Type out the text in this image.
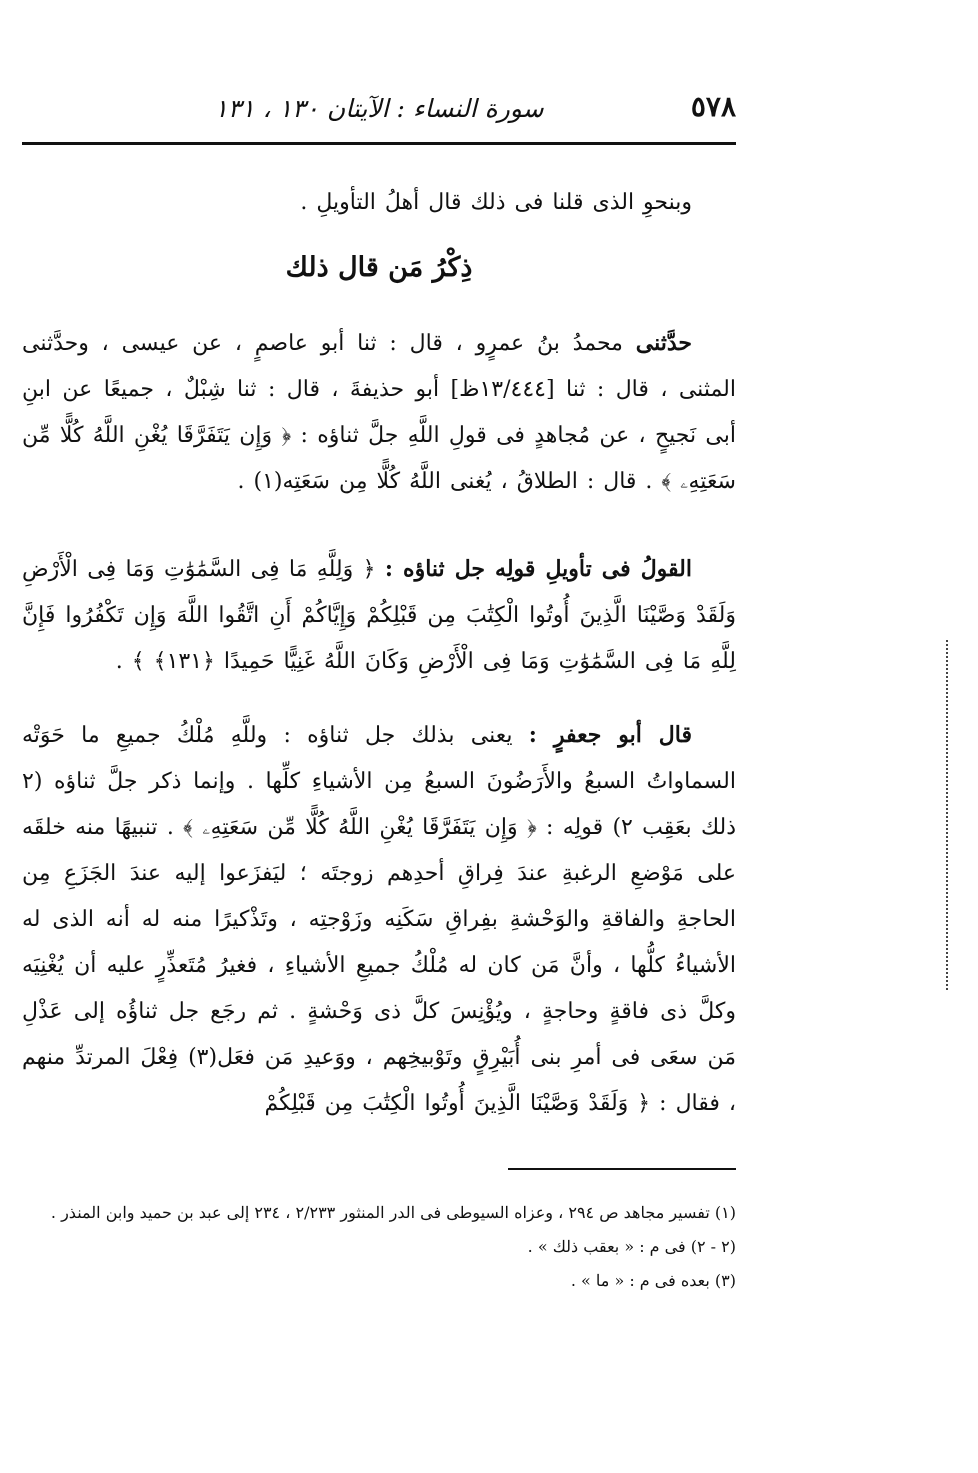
٥٧٨
سورة النساء : الآيتان ١٣٠ ، ١٣١

وبنحوِ الذى قلنا فى ذلك قال أهلُ التأويلِ .

ذِكْرُ مَن قال ذلك

حدَّثنى محمدُ بنُ عمرٍو ، قال : ثنا أبو عاصمٍ ، عن عيسى ، وحدَّثنى المثنى ، قال : ثنا [١٣/٤٤٤ظ] أبو حذيفةَ ، قال : ثنا شِبْلٌ ، جميعًا عن ابنِ أبى نَجيحٍ ، عن مُجاهدٍ فى قولِ اللَّهِ جلَّ ثناؤه : ﴿ وَإِن يَتَفَرَّقَا يُغْنِ اللَّهُ كُلًّا مِّن سَعَتِهِۦ ﴾ . قال : الطلاقُ ، يُغنى اللَّهُ كُلًّا مِن سَعَتِه(١) .

القولُ فى تأويلِ قولِه جل ثناؤه : ﴿ وَلِلَّهِ مَا فِى السَّمَٰوَٰتِ وَمَا فِى الْأَرْضِ وَلَقَدْ وَصَّيْنَا الَّذِينَ أُوتُوا الْكِتَٰبَ مِن قَبْلِكُمْ وَإِيَّاكُمْ أَنِ اتَّقُوا اللَّهَ وَإِن تَكْفُرُوا فَإِنَّ لِلَّهِ مَا فِى السَّمَٰوَٰتِ وَمَا فِى الْأَرْضِ وَكَانَ اللَّهُ غَنِيًّا حَمِيدًا ﴿١٣١﴾ ﴾ .

قال أبو جعفرٍ : يعنى بذلك جل ثناؤه : وللَّهِ مُلْكُ جميعِ ما حَوَتْه السماواتُ السبعُ والأَرَضُونَ السبعُ مِن الأشياءِ كلِّها . وإنما ذكر جلَّ ثناؤه (٢ ذلك بعَقِب ٢) قولِه : ﴿ وَإِن يَتَفَرَّقَا يُغْنِ اللَّهُ كُلًّا مِّن سَعَتِهِۦ ﴾ . تنبيهًا منه خلقَه على مَوْضعِ الرغبةِ عندَ فِراقِ أحدِهم زوجتَه ؛ ليَفزَعوا إليه عندَ الجَزَعِ مِن الحاجةِ والفاقةِ والوَحْشةِ بفِراقِ سَكَنِه وزَوْجتِه ، وتَذْكيرًا منه له أنه الذى له الأشياءُ كلُّها ، وأنَّ مَن كان له مُلْكُ جميعِ الأشياءِ ، فغيرُ مُتَعذِّرٍ عليه أن يُغْنِيَه وكلَّ ذى فاقةٍ وحاجةٍ ، ويُؤْنِسَ كلَّ ذى وَحْشةٍ . ثم رجَع جل ثناؤُه إلى عَذْلِ مَن سعَى فى أمرِ بنى أُبَيْرِقٍ وتَوْبيخِهم ، ووَعيدِ مَن فعَل(٣) فِعْلَ المرتدِّ منهم ، فقال : ﴿ وَلَقَدْ وَصَّيْنَا الَّذِينَ أُوتُوا الْكِتَٰبَ مِن قَبْلِكُمْ

(١) تفسير مجاهد ص ٢٩٤ ، وعزاه السيوطى فى الدر المنثور ٢/٢٣٣ ، ٢٣٤ إلى عبد بن حميد وابن المنذر .

(٢ - ٢) فى م : « بعقب ذلك » .

(٣) بعده فى م : « ما » .
